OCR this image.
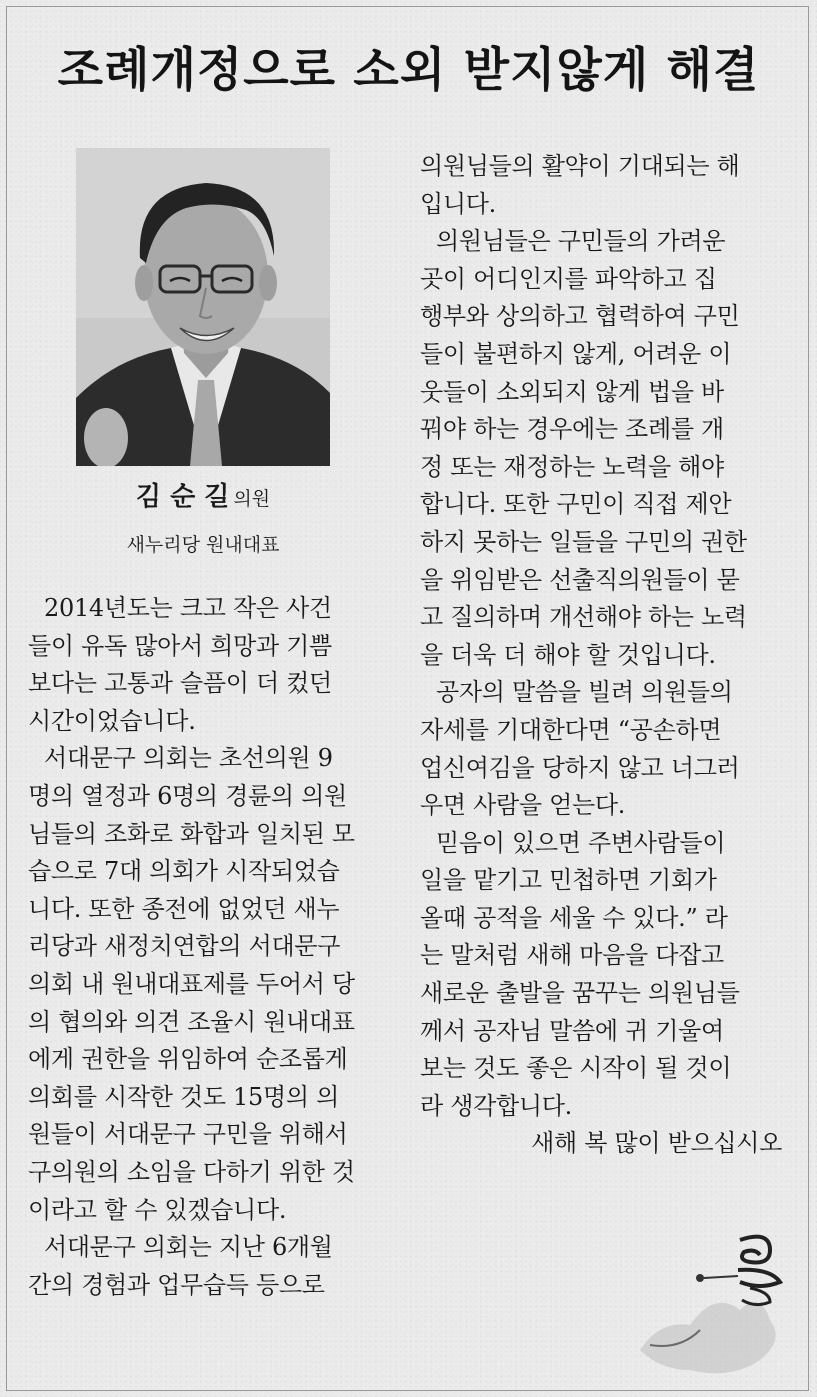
조례개정으로 소외 받지않게 해결
김 순 길 의원
새누리당 원내대표
2014년도는 크고 작은 사건
들이 유독 많아서 희망과 기쁨
보다는 고통과 슬픔이 더 컸던
시간이었습니다.
서대문구 의회는 초선의원 9
명의 열정과 6명의 경륜의 의원
님들의 조화로 화합과 일치된 모
습으로 7대 의회가 시작되었습
니다. 또한 종전에 없었던 새누
리당과 새정치연합의 서대문구
의회 내 원내대표제를 두어서 당
의 협의와 의견 조율시 원내대표
에게 권한을 위임하여 순조롭게
의회를 시작한 것도 15명의 의
원들이 서대문구 구민을 위해서
구의원의 소임을 다하기 위한 것
이라고 할 수 있겠습니다.
서대문구 의회는 지난 6개월
간의 경험과 업무습득 등으로
의원님들의 활약이 기대되는 해
입니다.
의원님들은 구민들의 가려운
곳이 어디인지를 파악하고 집
행부와 상의하고 협력하여 구민
들이 불편하지 않게, 어려운 이
웃들이 소외되지 않게 법을 바
꿔야 하는 경우에는 조례를 개
정 또는 재정하는 노력을 해야
합니다. 또한 구민이 직접 제안
하지 못하는 일들을 구민의 권한
을 위임받은 선출직의원들이 묻
고 질의하며 개선해야 하는 노력
을 더욱 더 해야 할 것입니다.
공자의 말씀을 빌려 의원들의
자세를 기대한다면 “공손하면
업신여김을 당하지 않고 너그러
우면 사람을 얻는다.
믿음이 있으면 주변사람들이
일을 맡기고 민첩하면 기회가
올때 공적을 세울 수 있다.” 라
는 말처럼 새해 마음을 다잡고
새로운 출발을 꿈꾸는 의원님들
께서 공자님 말씀에 귀 기울여
보는 것도 좋은 시작이 될 것이
라 생각합니다.
새해 복 많이 받으십시오
